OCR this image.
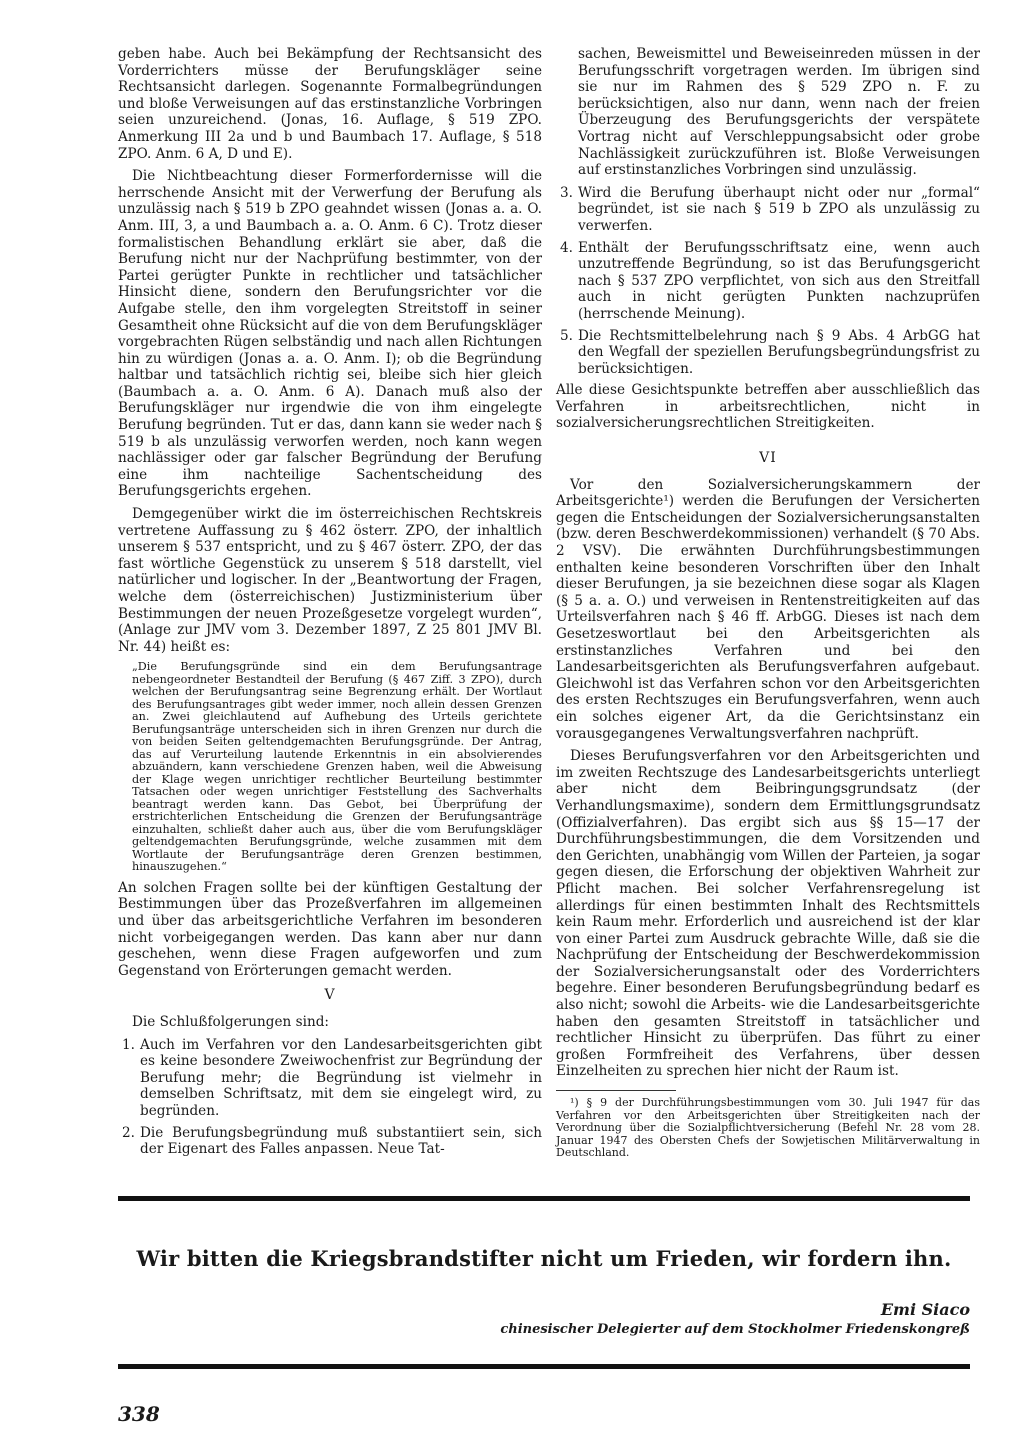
geben habe. Auch bei Bekämpfung der Rechtsansicht des Vorderrichters müsse der Berufungskläger seine Rechtsansicht darlegen. Sogenannte Formalbegründungen und bloße Verweisungen auf das erstinstanzliche Vorbringen seien unzureichend. (Jonas, 16. Auflage, § 519 ZPO. Anmerkung III 2a und b und Baumbach 17. Auflage, § 518 ZPO. Anm. 6 A, D und E).

Die Nichtbeachtung dieser Formerfordernisse will die herrschende Ansicht mit der Verwerfung der Berufung als unzulässig nach § 519 b ZPO geahndet wissen (Jonas a. a. O. Anm. III, 3, a und Baumbach a. a. O. Anm. 6 C). Trotz dieser formalistischen Behandlung erklärt sie aber, daß die Berufung nicht nur der Nachprüfung bestimmter, von der Partei gerügter Punkte in rechtlicher und tatsächlicher Hinsicht diene, sondern den Berufungsrichter vor die Aufgabe stelle, den ihm vorgelegten Streitstoff in seiner Gesamtheit ohne Rücksicht auf die von dem Berufungskläger vorgebrachten Rügen selbständig und nach allen Richtungen hin zu würdigen (Jonas a. a. O. Anm. I); ob die Begründung haltbar und tatsächlich richtig sei, bleibe sich hier gleich (Baumbach a. a. O. Anm. 6 A). Danach muß also der Berufungskläger nur irgendwie die von ihm eingelegte Berufung begründen. Tut er das, dann kann sie weder nach § 519 b als unzulässig verworfen werden, noch kann wegen nachlässiger oder gar falscher Begründung der Berufung eine ihm nachteilige Sachentscheidung des Berufungsgerichts ergehen.

Demgegenüber wirkt die im österreichischen Rechtskreis vertretene Auffassung zu § 462 österr. ZPO, der inhaltlich unserem § 537 entspricht, und zu § 467 österr. ZPO, der das fast wörtliche Gegenstück zu unserem § 518 darstellt, viel natürlicher und logischer. In der „Beantwortung der Fragen, welche dem (österreichischen) Justizministerium über Bestimmungen der neuen Prozeßgesetze vorgelegt wurden“, (Anlage zur JMV vom 3. Dezember 1897, Z 25 801 JMV Bl. Nr. 44) heißt es:

„Die Berufungsgründe sind ein dem Berufungsantrage nebengeordneter Bestandteil der Berufung (§ 467 Ziff. 3 ZPO), durch welchen der Berufungsantrag seine Begrenzung erhält. Der Wortlaut des Berufungsantrages gibt weder immer, noch allein dessen Grenzen an. Zwei gleichlautend auf Aufhebung des Urteils gerichtete Berufungsanträge unterscheiden sich in ihren Grenzen nur durch die von beiden Seiten geltendgemachten Berufungsgründe. Der Antrag, das auf Verurteilung lautende Erkenntnis in ein absolvierendes abzuändern, kann verschiedene Grenzen haben, weil die Abweisung der Klage wegen unrichtiger rechtlicher Beurteilung bestimmter Tatsachen oder wegen unrichtiger Feststellung des Sachverhalts beantragt werden kann. Das Gebot, bei Überprüfung der erstrichterlichen Entscheidung die Grenzen der Berufungsanträge einzuhalten, schließt daher auch aus, über die vom Berufungskläger geltendgemachten Berufungsgründe, welche zusammen mit dem Wortlaute der Berufungsanträge deren Grenzen bestimmen, hinauszugehen.“

An solchen Fragen sollte bei der künftigen Gestaltung der Bestimmungen über das Prozeßverfahren im allgemeinen und über das arbeitsgerichtliche Verfahren im besonderen nicht vorbeigegangen werden. Das kann aber nur dann geschehen, wenn diese Fragen aufgeworfen und zum Gegenstand von Erörterungen gemacht werden.

V

Die Schlußfolgerungen sind:

1. Auch im Verfahren vor den Landesarbeitsgerichten gibt es keine besondere Zweiwochenfrist zur Begründung der Berufung mehr; die Begründung ist vielmehr in demselben Schriftsatz, mit dem sie eingelegt wird, zu begründen.
2. Die Berufungsbegründung muß substantiiert sein, sich der Eigenart des Falles anpassen. Neue Tat-

sachen, Beweismittel und Beweiseinreden müssen in der Berufungsschrift vorgetragen werden. Im übrigen sind sie nur im Rahmen des § 529 ZPO n. F. zu berücksichtigen, also nur dann, wenn nach der freien Überzeugung des Berufungsgerichts der verspätete Vortrag nicht auf Verschleppungsabsicht oder grobe Nachlässigkeit zurückzuführen ist. Bloße Verweisungen auf erstinstanzliches Vorbringen sind unzulässig.

3. Wird die Berufung überhaupt nicht oder nur „formal“ begründet, ist sie nach § 519 b ZPO als unzulässig zu verwerfen.
4. Enthält der Berufungsschriftsatz eine, wenn auch unzutreffende Begründung, so ist das Berufungsgericht nach § 537 ZPO verpflichtet, von sich aus den Streitfall auch in nicht gerügten Punkten nachzuprüfen (herrschende Meinung).
5. Die Rechtsmittelbelehrung nach § 9 Abs. 4 ArbGG hat den Wegfall der speziellen Berufungsbegründungsfrist zu berücksichtigen.

Alle diese Gesichtspunkte betreffen aber ausschließlich das Verfahren in arbeitsrechtlichen, nicht in sozialversicherungsrechtlichen Streitigkeiten.

VI

Vor den Sozialversicherungskammern der Arbeitsgerichte¹) werden die Berufungen der Versicherten gegen die Entscheidungen der Sozialversicherungsanstalten (bzw. deren Beschwerdekommissionen) verhandelt (§ 70 Abs. 2 VSV). Die erwähnten Durchführungsbestimmungen enthalten keine besonderen Vorschriften über den Inhalt dieser Berufungen, ja sie bezeichnen diese sogar als Klagen (§ 5 a. a. O.) und verweisen in Rentenstreitigkeiten auf das Urteilsverfahren nach § 46 ff. ArbGG. Dieses ist nach dem Gesetzeswortlaut bei den Arbeitsgerichten als erstinstanzliches Verfahren und bei den Landesarbeitsgerichten als Berufungsverfahren aufgebaut. Gleichwohl ist das Verfahren schon vor den Arbeitsgerichten des ersten Rechtszuges ein Berufungsverfahren, wenn auch ein solches eigener Art, da die Gerichtsinstanz ein vorausgegangenes Verwaltungsverfahren nachprüft.

Dieses Berufungsverfahren vor den Arbeitsgerichten und im zweiten Rechtszuge des Landesarbeitsgerichts unterliegt aber nicht dem Beibringungsgrundsatz (der Verhandlungsmaxime), sondern dem Ermittlungsgrundsatz (Offizialverfahren). Das ergibt sich aus §§ 15—17 der Durchführungsbestimmungen, die dem Vorsitzenden und den Gerichten, unabhängig vom Willen der Parteien, ja sogar gegen diesen, die Erforschung der objektiven Wahrheit zur Pflicht machen. Bei solcher Verfahrensregelung ist allerdings für einen bestimmten Inhalt des Rechtsmittels kein Raum mehr. Erforderlich und ausreichend ist der klar von einer Partei zum Ausdruck gebrachte Wille, daß sie die Nachprüfung der Entscheidung der Beschwerdekommission der Sozialversicherungsanstalt oder des Vorderrichters begehre. Einer besonderen Berufungsbegründung bedarf es also nicht; sowohl die Arbeits- wie die Landesarbeitsgerichte haben den gesamten Streitstoff in tatsächlicher und rechtlicher Hinsicht zu überprüfen. Das führt zu einer großen Formfreiheit des Verfahrens, über dessen Einzelheiten zu sprechen hier nicht der Raum ist.

¹) § 9 der Durchführungsbestimmungen vom 30. Juli 1947 für das Verfahren vor den Arbeitsgerichten über Streitigkeiten nach der Verordnung über die Sozialpflichtversicherung (Befehl Nr. 28 vom 28. Januar 1947 des Obersten Chefs der Sowjetischen Militärverwaltung in Deutschland.

Wir bitten die Kriegsbrandstifter nicht um Frieden, wir fordern ihn.
Emi Siaco
chinesischer Delegierter auf dem Stockholmer Friedenskongreß
338
